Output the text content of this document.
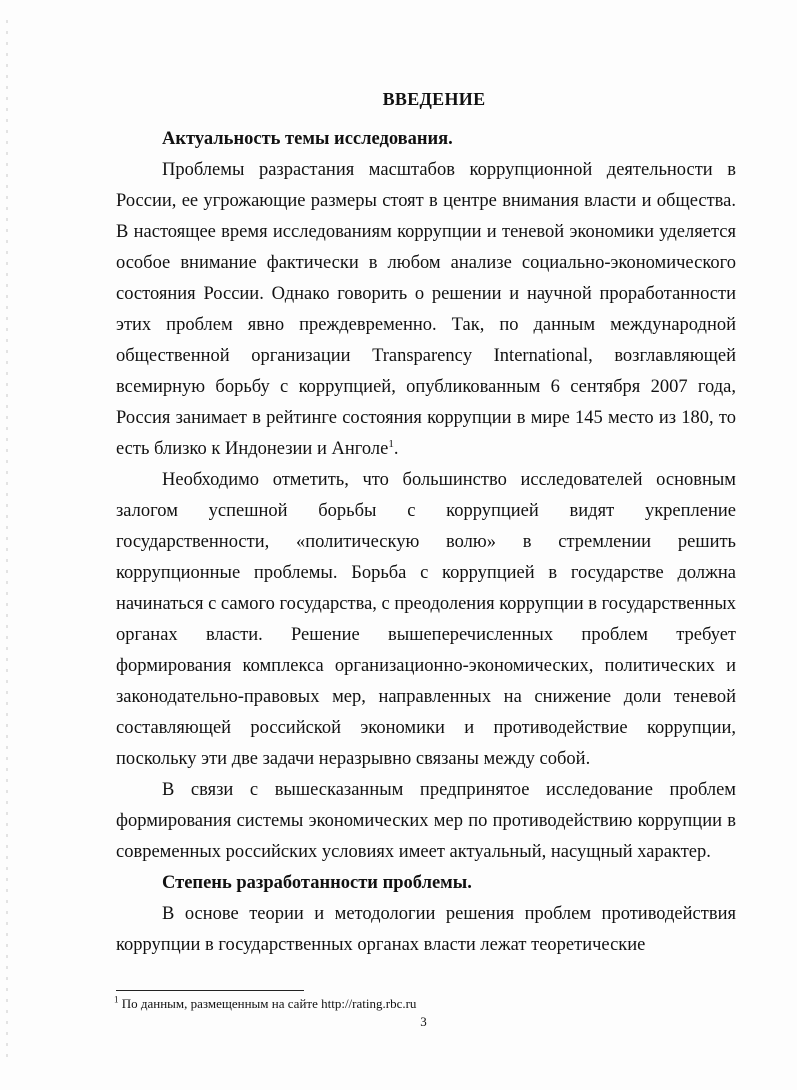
ВВЕДЕНИЕ

Актуальность темы исследования.

Проблемы разрастания масштабов коррупционной деятельности в России, ее угрожающие размеры стоят в центре внимания власти и общества. В настоящее время исследованиям коррупции и теневой экономики уделяется особое внимание фактически в любом анализе социально-экономического состояния России. Однако говорить о решении и научной проработанности этих проблем явно преждевременно. Так, по данным международной общественной организации Transparency International, возглавляющей всемирную борьбу с коррупцией, опубликованным 6 сентября 2007 года, Россия занимает в рейтинге состояния коррупции в мире 145 место из 180, то есть близко к Индонезии и Анголе$^1$.

Необходимо отметить, что большинство исследователей основным залогом успешной борьбы с коррупцией видят укрепление государственности, «политическую волю» в стремлении решить коррупционные проблемы. Борьба с коррупцией в государстве должна начинаться с самого государства, с преодоления коррупции в государственных органах власти. Решение вышеперечисленных проблем требует формирования комплекса организационно-экономических, политических и законодательно-правовых мер, направленных на снижение доли теневой составляющей российской экономики и противодействие коррупции, поскольку эти две задачи неразрывно связаны между собой.

В связи с вышесказанным предпринятое исследование проблем формирования системы экономических мер по противодействию коррупции в современных российских условиях имеет актуальный, насущный характер.

Степень разработанности проблемы.

В основе теории и методологии решения проблем противодействия коррупции в государственных органах власти лежат теоретические

$^1$ По данным, размещенным на сайте http://rating.rbc.ru
3
